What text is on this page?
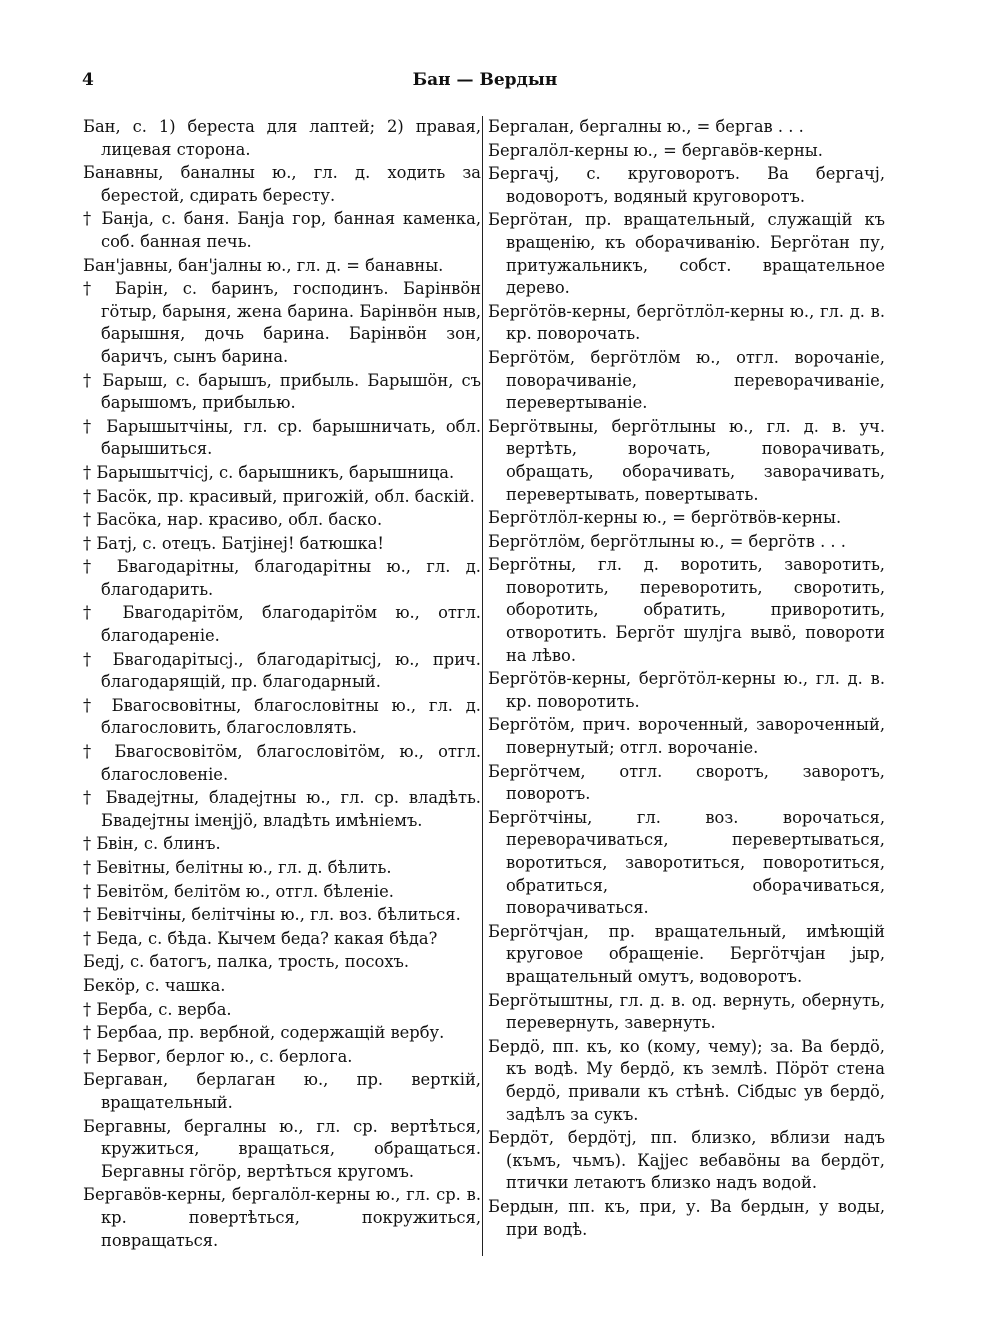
4	Бан — Вердын

Бан, с. 1) береста для лаптей; 2) правая, лицевая сторона.

Банавны, баналны ю., гл. д. ходить за берестой, сдирать бересту.

† Банја, с. баня. Банја гор, банная каменка, соб. банная печь.

Бан'јавны, бан'јалны ю., гл. д. = банавны.

† Барін, с. баринъ, господинъ. Барінвӧн гӧтыр, барыня, жена барина. Барінвӧн ныв, барышня, дочь барина. Барінвӧн зон, баричъ, сынъ барина.

† Барыш, с. барышъ, прибыль. Барышӧн, съ барышомъ, прибылью.

† Барышытчіны, гл. ср. барышничать, обл. барышиться.

† Барышытчісј, с. барышникъ, барышница.

† Басӧк, пр. красивый, пригожій, обл. баскій.

† Басӧка, нар. красиво, обл. баско.

† Батј, с. отецъ. Батјінеј! батюшка!

† Бвагодарітны, благодарітны ю., гл. д. благодарить.

† Бвагодарітӧм, благодарітӧм ю., отгл. благодареніе.

† Бвагодарітысј., благодарітысј, ю., прич. благодарящій, пр. благодарный.

† Бвагосвовітны, благословітны ю., гл. д. благословить, благословлять.

† Бвагосвовітӧм, благословітӧм, ю., отгл. благословеніе.

† Бвадејтны, бладејтны ю., гл. ср. владѣть. Бвадејтны іменјјӧ, владѣть имѣніемъ.

† Бвін, с. блинъ.

† Бевітны, белітны ю., гл. д. бѣлить.

† Бевітӧм, белітӧм ю., отгл. бѣленіе.

† Бевітчіны, белітчіны ю., гл. воз. бѣлиться.

† Беда, с. бѣда. Кычем беда? какая бѣда?

Бедј, с. батогъ, палка, трость, посохъ.

Бекӧр, с. чашка.

† Берба, с. верба.

† Бербаа, пр. вербной, содержащій вербу.

† Бервог, берлог ю., с. берлога.

Бергаван, берлаган ю., пр. верткій, вращательный.

Бергавны, бергалны ю., гл. ср. вертѣться, кружиться, вращаться, обращаться. Бергавны гӧгӧр, вертѣться кругомъ.

Бергавӧв-керны, бергалӧл-керны ю., гл. ср. в. кр. повертѣться, покружиться, повращаться.

Бергалан, бергалны ю., = бергав . . .

Бергалӧл-керны ю., = бергавӧв-керны.

Бергачј, с. круговоротъ. Ва бергачј, водоворотъ, водяный круговоротъ.

Бергӧтан, пр. вращательный, служащій къ вращенію, къ оборачиванію. Бергӧтан пу, притужальникъ, собст. вращательное дерево.

Бергӧтӧв-керны, бергӧтлӧл-керны ю., гл. д. в. кр. поворочать.

Бергӧтӧм, бергӧтлӧм ю., отгл. ворочаніе, поворачиваніе, переворачиваніе, перевертываніе.

Бергӧтвыны, бергӧтлыны ю., гл. д. в. уч. вертѣть, ворочать, поворачивать, обращать, оборачивать, заворачивать, перевертывать, повертывать.

Бергӧтлӧл-керны ю., = бергӧтвӧв-керны.

Бергӧтлӧм, бергӧтлыны ю., = бергӧтв . . .

Бергӧтны, гл. д. воротить, заворотить, поворотить, переворотить, своротить, оборотить, обратить, привoротить, отворотить. Бергӧт шулјга вывӧ, поворoти на лѣво.

Бергӧтӧв-керны, бергӧтӧл-керны ю., гл. д. в. кр. поворотить.

Бергӧтӧм, прич. вороченный, завороченный, повернутый; отгл. ворочаніе.

Бергӧтчем, отгл. своротъ, заворотъ, поворотъ.

Бергӧтчіны, гл. воз. ворочаться, переворачиваться, перевертываться, воротиться, заворотиться, поворотиться, обратиться, оборачиваться, поворачиваться.

Бергӧтчјан, пр. вращательный, имѣющій круговое обращеніе. Бергӧтчјан јыр, вращательный омутъ, водоворотъ.

Бергӧтыштны, гл. д. в. од. вернуть, обернуть, перевернуть, завернуть.

Бердӧ, пп. къ, ко (кому, чему); за. Ва бердӧ, къ водѣ. Му бердӧ, къ землѣ. Пӧрӧт стена бердӧ, привали къ стѣнѣ. Сібдыс ув бердӧ, задѣлъ за сукъ.

Бердӧт, бердӧтј, пп. близко, вблизи надъ (къмъ, чьмъ). Кајјес вебавӧны ва бердӧт, птички летаютъ близко надъ водой.

Бердын, пп. къ, при, у. Ва бердын, у воды, при водѣ.
